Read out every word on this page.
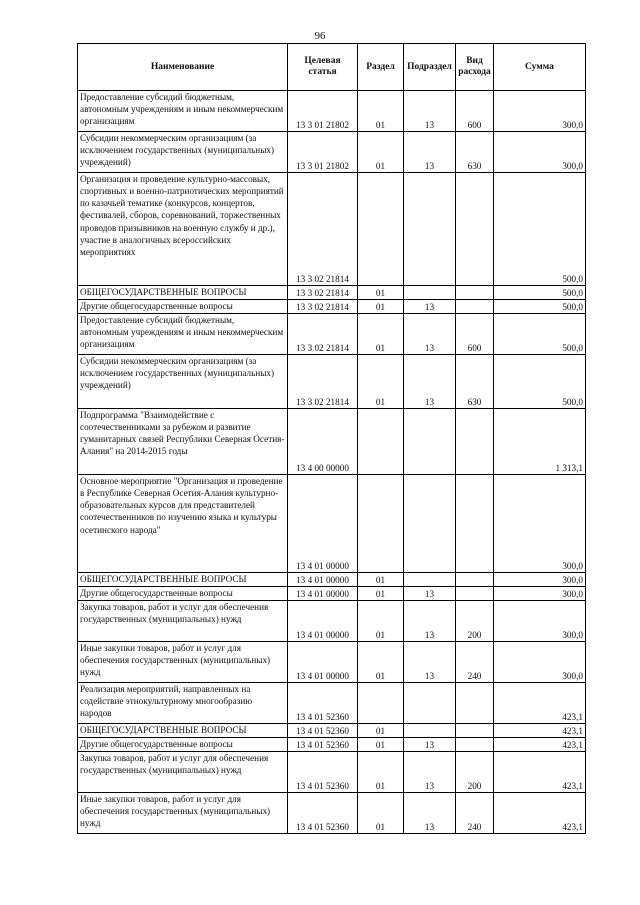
96
Наименование	Целевая статья	Раздел	Подраздел	Вид расхода	Сумма
Предоставление субсидий бюджетным, автономным учреждениям и иным некоммерческим организациям	13 3 01 21802	01	13	600	300,0
Субсидии некоммерческим организациям (за исключением государственных (муниципальных) учреждений)	13 3 01 21802	01	13	630	300,0
Организация и проведение культурно-массовых, спортивных и военно-патриотических мероприятий по казачьей тематике (конкурсов, концертов, фестивалей, сборов, соревнований, торжественных проводов призывников на военную службу и др.), участие в аналогичных всероссийских мероприятиях	13 3 02 21814				500,0
ОБЩЕГОСУДАРСТВЕННЫЕ ВОПРОСЫ	13 3 02 21814	01			500,0
Другие общегосударственные вопросы	13 3 02 21814	01	13		500,0
Предоставление субсидий бюджетным, автономным учреждениям и иным некоммерческим организациям	13 3 02 21814	01	13	600	500,0
Субсидии некоммерческим организациям (за исключением государственных (муниципальных) учреждений)	13 3 02 21814	01	13	630	500,0
Подпрограмма "Взаимодействие с соотечественниками за рубежом и развитие гуманитарных связей Республики Северная Осетия-Алания" на 2014-2015 годы	13 4 00 00000				1 313,1
Основное мероприятие "Организация и проведение в Республике Северная Осетия-Алания культурно-образовательных курсов для представителей соотечественников по изучению языка и культуры осетинского народа"	13 4 01 00000				300,0
ОБЩЕГОСУДАРСТВЕННЫЕ ВОПРОСЫ	13 4 01 00000	01			300,0
Другие общегосударственные вопросы	13 4 01 00000	01	13		300,0
Закупка товаров, работ и услуг для обеспечения государственных (муниципальных) нужд	13 4 01 00000	01	13	200	300,0
Иные закупки товаров, работ и услуг для обеспечения государственных (муниципальных) нужд	13 4 01 00000	01	13	240	300,0
Реализация мероприятий, направленных на содействие этнокультурному многообразию народов	13 4 01 52360				423,1
ОБЩЕГОСУДАРСТВЕННЫЕ ВОПРОСЫ	13 4 01 52360	01			423,1
Другие общегосударственные вопросы	13 4 01 52360	01	13		423,1
Закупка товаров, работ и услуг для обеспечения государственных (муниципальных) нужд	13 4 01 52360	01	13	200	423,1
Иные закупки товаров, работ и услуг для обеспечения государственных (муниципальных) нужд	13 4 01 52360	01	13	240	423,1
